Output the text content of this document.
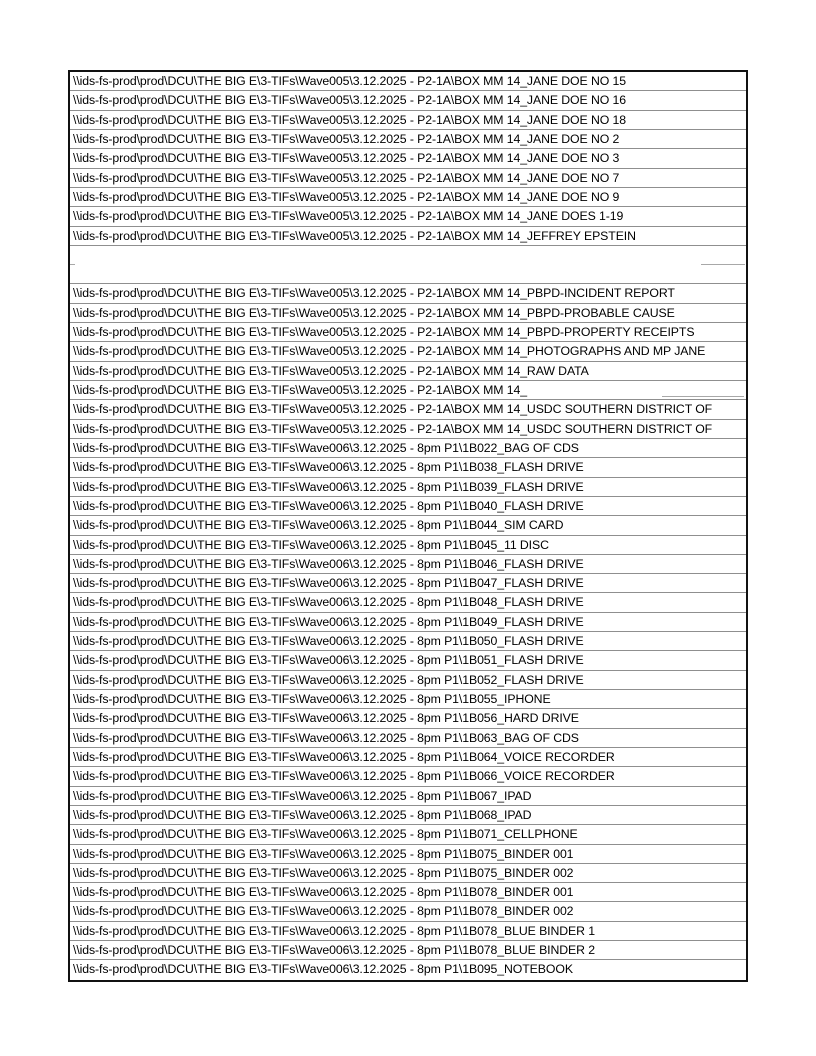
\\ids-fs-prod\prod\DCU\THE BIG E\3-TIFs\Wave005\3.12.2025 - P2-1A\BOX MM 14_JANE DOE NO 15
\\ids-fs-prod\prod\DCU\THE BIG E\3-TIFs\Wave005\3.12.2025 - P2-1A\BOX MM 14_JANE DOE NO 16
\\ids-fs-prod\prod\DCU\THE BIG E\3-TIFs\Wave005\3.12.2025 - P2-1A\BOX MM 14_JANE DOE NO 18
\\ids-fs-prod\prod\DCU\THE BIG E\3-TIFs\Wave005\3.12.2025 - P2-1A\BOX MM 14_JANE DOE NO 2
\\ids-fs-prod\prod\DCU\THE BIG E\3-TIFs\Wave005\3.12.2025 - P2-1A\BOX MM 14_JANE DOE NO 3
\\ids-fs-prod\prod\DCU\THE BIG E\3-TIFs\Wave005\3.12.2025 - P2-1A\BOX MM 14_JANE DOE NO 7
\\ids-fs-prod\prod\DCU\THE BIG E\3-TIFs\Wave005\3.12.2025 - P2-1A\BOX MM 14_JANE DOE NO 9
\\ids-fs-prod\prod\DCU\THE BIG E\3-TIFs\Wave005\3.12.2025 - P2-1A\BOX MM 14_JANE DOES 1-19
\\ids-fs-prod\prod\DCU\THE BIG E\3-TIFs\Wave005\3.12.2025 - P2-1A\BOX MM 14_JEFFREY EPSTEIN
\\ids-fs-prod\prod\DCU\THE BIG E\3-TIFs\Wave005\3.12.2025 - P2-1A\BOX MM 14_PBPD-INCIDENT REPORT
\\ids-fs-prod\prod\DCU\THE BIG E\3-TIFs\Wave005\3.12.2025 - P2-1A\BOX MM 14_PBPD-PROBABLE CAUSE
\\ids-fs-prod\prod\DCU\THE BIG E\3-TIFs\Wave005\3.12.2025 - P2-1A\BOX MM 14_PBPD-PROPERTY RECEIPTS
\\ids-fs-prod\prod\DCU\THE BIG E\3-TIFs\Wave005\3.12.2025 - P2-1A\BOX MM 14_PHOTOGRAPHS AND MP JANE
\\ids-fs-prod\prod\DCU\THE BIG E\3-TIFs\Wave005\3.12.2025 - P2-1A\BOX MM 14_RAW DATA
\\ids-fs-prod\prod\DCU\THE BIG E\3-TIFs\Wave005\3.12.2025 - P2-1A\BOX MM 14_
\\ids-fs-prod\prod\DCU\THE BIG E\3-TIFs\Wave005\3.12.2025 - P2-1A\BOX MM 14_USDC SOUTHERN DISTRICT OF
\\ids-fs-prod\prod\DCU\THE BIG E\3-TIFs\Wave005\3.12.2025 - P2-1A\BOX MM 14_USDC SOUTHERN DISTRICT OF
\\ids-fs-prod\prod\DCU\THE BIG E\3-TIFs\Wave006\3.12.2025 - 8pm P1\1B022_BAG OF CDS
\\ids-fs-prod\prod\DCU\THE BIG E\3-TIFs\Wave006\3.12.2025 - 8pm P1\1B038_FLASH DRIVE
\\ids-fs-prod\prod\DCU\THE BIG E\3-TIFs\Wave006\3.12.2025 - 8pm P1\1B039_FLASH DRIVE
\\ids-fs-prod\prod\DCU\THE BIG E\3-TIFs\Wave006\3.12.2025 - 8pm P1\1B040_FLASH DRIVE
\\ids-fs-prod\prod\DCU\THE BIG E\3-TIFs\Wave006\3.12.2025 - 8pm P1\1B044_SIM CARD
\\ids-fs-prod\prod\DCU\THE BIG E\3-TIFs\Wave006\3.12.2025 - 8pm P1\1B045_11 DISC
\\ids-fs-prod\prod\DCU\THE BIG E\3-TIFs\Wave006\3.12.2025 - 8pm P1\1B046_FLASH DRIVE
\\ids-fs-prod\prod\DCU\THE BIG E\3-TIFs\Wave006\3.12.2025 - 8pm P1\1B047_FLASH DRIVE
\\ids-fs-prod\prod\DCU\THE BIG E\3-TIFs\Wave006\3.12.2025 - 8pm P1\1B048_FLASH DRIVE
\\ids-fs-prod\prod\DCU\THE BIG E\3-TIFs\Wave006\3.12.2025 - 8pm P1\1B049_FLASH DRIVE
\\ids-fs-prod\prod\DCU\THE BIG E\3-TIFs\Wave006\3.12.2025 - 8pm P1\1B050_FLASH DRIVE
\\ids-fs-prod\prod\DCU\THE BIG E\3-TIFs\Wave006\3.12.2025 - 8pm P1\1B051_FLASH DRIVE
\\ids-fs-prod\prod\DCU\THE BIG E\3-TIFs\Wave006\3.12.2025 - 8pm P1\1B052_FLASH DRIVE
\\ids-fs-prod\prod\DCU\THE BIG E\3-TIFs\Wave006\3.12.2025 - 8pm P1\1B055_IPHONE
\\ids-fs-prod\prod\DCU\THE BIG E\3-TIFs\Wave006\3.12.2025 - 8pm P1\1B056_HARD DRIVE
\\ids-fs-prod\prod\DCU\THE BIG E\3-TIFs\Wave006\3.12.2025 - 8pm P1\1B063_BAG OF CDS
\\ids-fs-prod\prod\DCU\THE BIG E\3-TIFs\Wave006\3.12.2025 - 8pm P1\1B064_VOICE RECORDER
\\ids-fs-prod\prod\DCU\THE BIG E\3-TIFs\Wave006\3.12.2025 - 8pm P1\1B066_VOICE RECORDER
\\ids-fs-prod\prod\DCU\THE BIG E\3-TIFs\Wave006\3.12.2025 - 8pm P1\1B067_IPAD
\\ids-fs-prod\prod\DCU\THE BIG E\3-TIFs\Wave006\3.12.2025 - 8pm P1\1B068_IPAD
\\ids-fs-prod\prod\DCU\THE BIG E\3-TIFs\Wave006\3.12.2025 - 8pm P1\1B071_CELLPHONE
\\ids-fs-prod\prod\DCU\THE BIG E\3-TIFs\Wave006\3.12.2025 - 8pm P1\1B075_BINDER 001
\\ids-fs-prod\prod\DCU\THE BIG E\3-TIFs\Wave006\3.12.2025 - 8pm P1\1B075_BINDER 002
\\ids-fs-prod\prod\DCU\THE BIG E\3-TIFs\Wave006\3.12.2025 - 8pm P1\1B078_BINDER 001
\\ids-fs-prod\prod\DCU\THE BIG E\3-TIFs\Wave006\3.12.2025 - 8pm P1\1B078_BINDER 002
\\ids-fs-prod\prod\DCU\THE BIG E\3-TIFs\Wave006\3.12.2025 - 8pm P1\1B078_BLUE BINDER 1
\\ids-fs-prod\prod\DCU\THE BIG E\3-TIFs\Wave006\3.12.2025 - 8pm P1\1B078_BLUE BINDER 2
\\ids-fs-prod\prod\DCU\THE BIG E\3-TIFs\Wave006\3.12.2025 - 8pm P1\1B095_NOTEBOOK
